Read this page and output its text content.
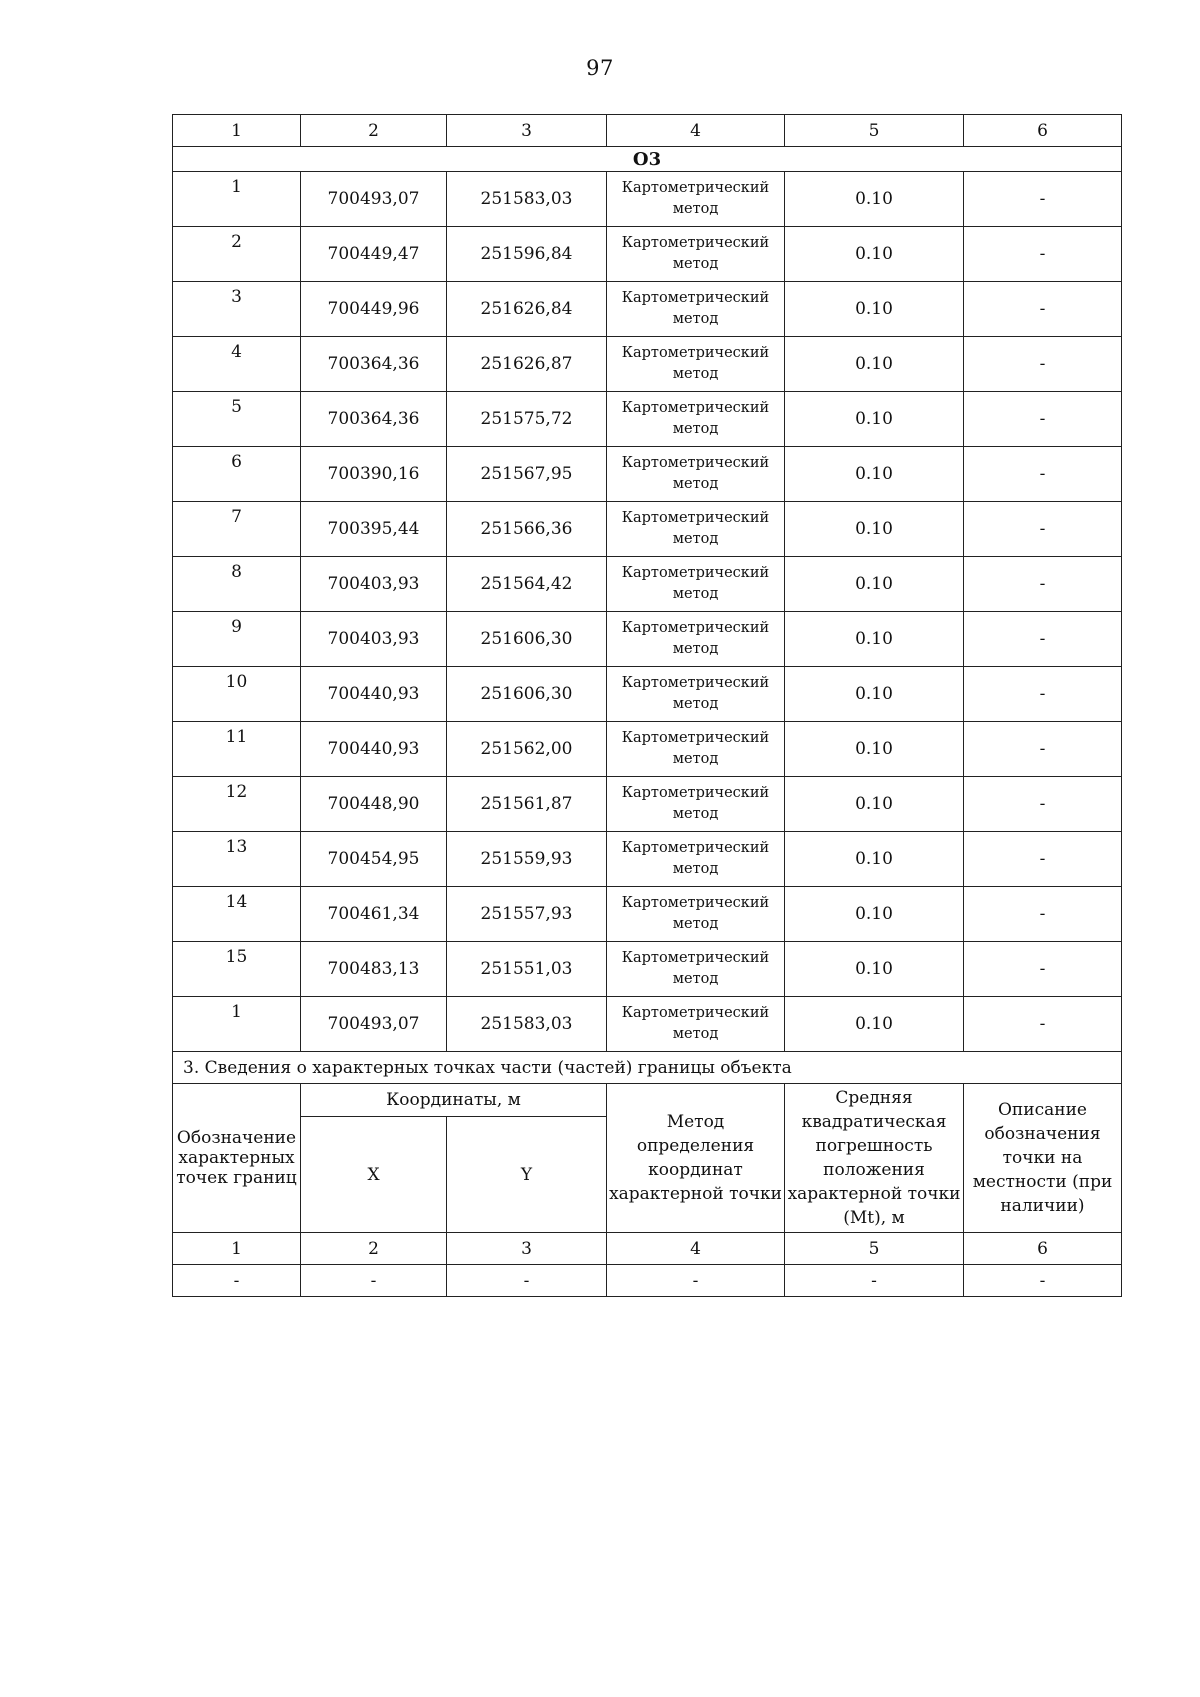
97
1	2	3	4	5	6
О3					
1	700493,07	251583,03	Картометрический метод	0.10	-
2	700449,47	251596,84	Картометрический метод	0.10	-
3	700449,96	251626,84	Картометрический метод	0.10	-
4	700364,36	251626,87	Картометрический метод	0.10	-
5	700364,36	251575,72	Картометрический метод	0.10	-
6	700390,16	251567,95	Картометрический метод	0.10	-
7	700395,44	251566,36	Картометрический метод	0.10	-
8	700403,93	251564,42	Картометрический метод	0.10	-
9	700403,93	251606,30	Картометрический метод	0.10	-
10	700440,93	251606,30	Картометрический метод	0.10	-
11	700440,93	251562,00	Картометрический метод	0.10	-
12	700448,90	251561,87	Картометрический метод	0.10	-
13	700454,95	251559,93	Картометрический метод	0.10	-
14	700461,34	251557,93	Картометрический метод	0.10	-
15	700483,13	251551,03	Картометрический метод	0.10	-
1	700493,07	251583,03	Картометрический метод	0.10	-
3. Сведения о характерных точках части (частей) границы объекта					
Обозначение характерных точек границ	Координаты, м		Метод определения координат характерной точки	Средняя квадратическая погрешность положения характерной точки (Mt), м	Описание обозначения точки на местности (при наличии)
	X	Y			
1	2	3	4	5	6
-	-	-	-	-	-
